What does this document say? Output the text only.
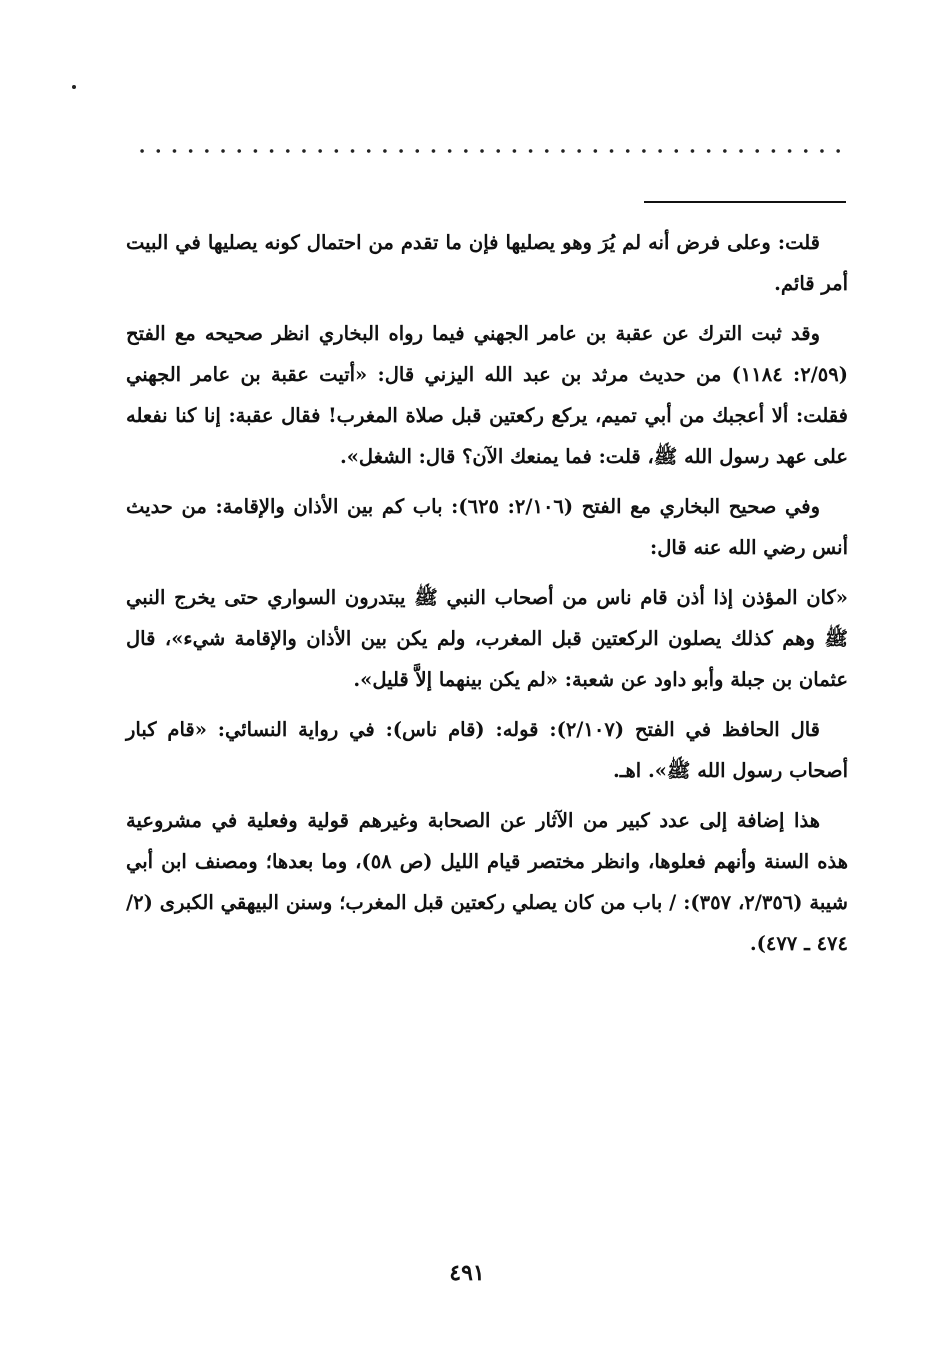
قلت: وعلى فرض أنه لم يُرَ وهو يصليها فإن ما تقدم من احتمال كونه يصليها في البيت أمر قائم.

وقد ثبت الترك عن عقبة بن عامر الجهني فيما رواه البخاري انظر صحيحه مع الفتح (٢/٥٩: ١١٨٤) من حديث مرثد بن عبد الله اليزني قال: «أتيت عقبة بن عامر الجهني فقلت: ألا أعجبك من أبي تميم، يركع ركعتين قبل صلاة المغرب! فقال عقبة: إنا كنا نفعله على عهد رسول الله ﷺ، قلت: فما يمنعك الآن؟ قال: الشغل».

وفي صحيح البخاري مع الفتح (٢/١٠٦: ٦٢٥): باب كم بين الأذان والإقامة: من حديث أنس رضي الله عنه قال:

«كان المؤذن إذا أذن قام ناس من أصحاب النبي ﷺ يبتدرون السواري حتى يخرج النبي ﷺ وهم كذلك يصلون الركعتين قبل المغرب، ولم يكن بين الأذان والإقامة شيء»، قال عثمان بن جبلة وأبو داود عن شعبة: «لم يكن بينهما إلاَّ قليل».

قال الحافظ في الفتح (٢/١٠٧): قوله: (قام ناس): في رواية النسائي: «قام كبار أصحاب رسول الله ﷺ». اهـ.

هذا إضافة إلى عدد كبير من الآثار عن الصحابة وغيرهم قولية وفعلية في مشروعية هذه السنة وأنهم فعلوها، وانظر مختصر قيام الليل (ص ٥٨)، وما بعدها؛ ومصنف ابن أبي شيبة (٢/٣٥٦، ٣٥٧): / باب من كان يصلي ركعتين قبل المغرب؛ وسنن البيهقي الكبرى (٢/ ٤٧٤ ـ ٤٧٧).

٤٩١
